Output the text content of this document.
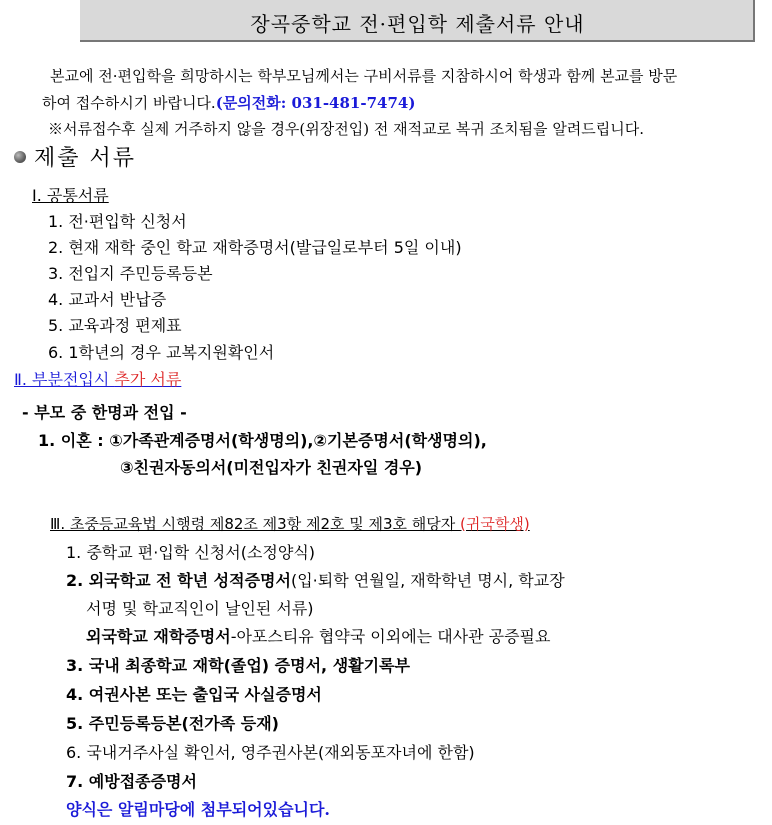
장곡중학교 전·편입학 제출서류 안내
본교에 전·편입학을 희망하시는 학부모님께서는 구비서류를 지참하시어 학생과 함께 본교를 방문
하여 접수하시기 바랍니다.(문의전화: 031-481-7474)
※서류접수후 실제 거주하지 않을 경우(위장전입) 전 재적교로 복귀 조치됨을 알려드립니다.
제출 서류
Ⅰ. 공통서류
1. 전·편입학 신청서
2. 현재 재학 중인 학교 재학증명서(발급일로부터 5일 이내)
3. 전입지 주민등록등본
4. 교과서 반납증
5. 교육과정 편제표
6. 1학년의 경우 교복지원확인서
Ⅱ. 부분전입시 추가 서류
- 부모 중 한명과 전입 -
1. 이혼 : ①가족관계증명서(학생명의),②기본증명서(학생명의),
③친권자동의서(미전입자가 친권자일 경우)
Ⅲ. 초중등교육법 시행령 제82조 제3항 제2호 및 제3호 해당자 (귀국학생)
1. 중학교 편·입학 신청서(소정양식)
2. 외국학교 전 학년 성적증명서(입·퇴학 연월일, 재학학년 명시, 학교장
서명 및 학교직인이 날인된 서류)
외국학교 재학증명서-아포스티유 협약국 이외에는 대사관 공증필요
3. 국내 최종학교 재학(졸업) 증명서, 생활기록부
4. 여권사본 또는 출입국 사실증명서
5. 주민등록등본(전가족 등재)
6. 국내거주사실 확인서, 영주권사본(재외동포자녀에 한함)
7. 예방접종증명서
양식은 알림마당에 첨부되어있습니다.
